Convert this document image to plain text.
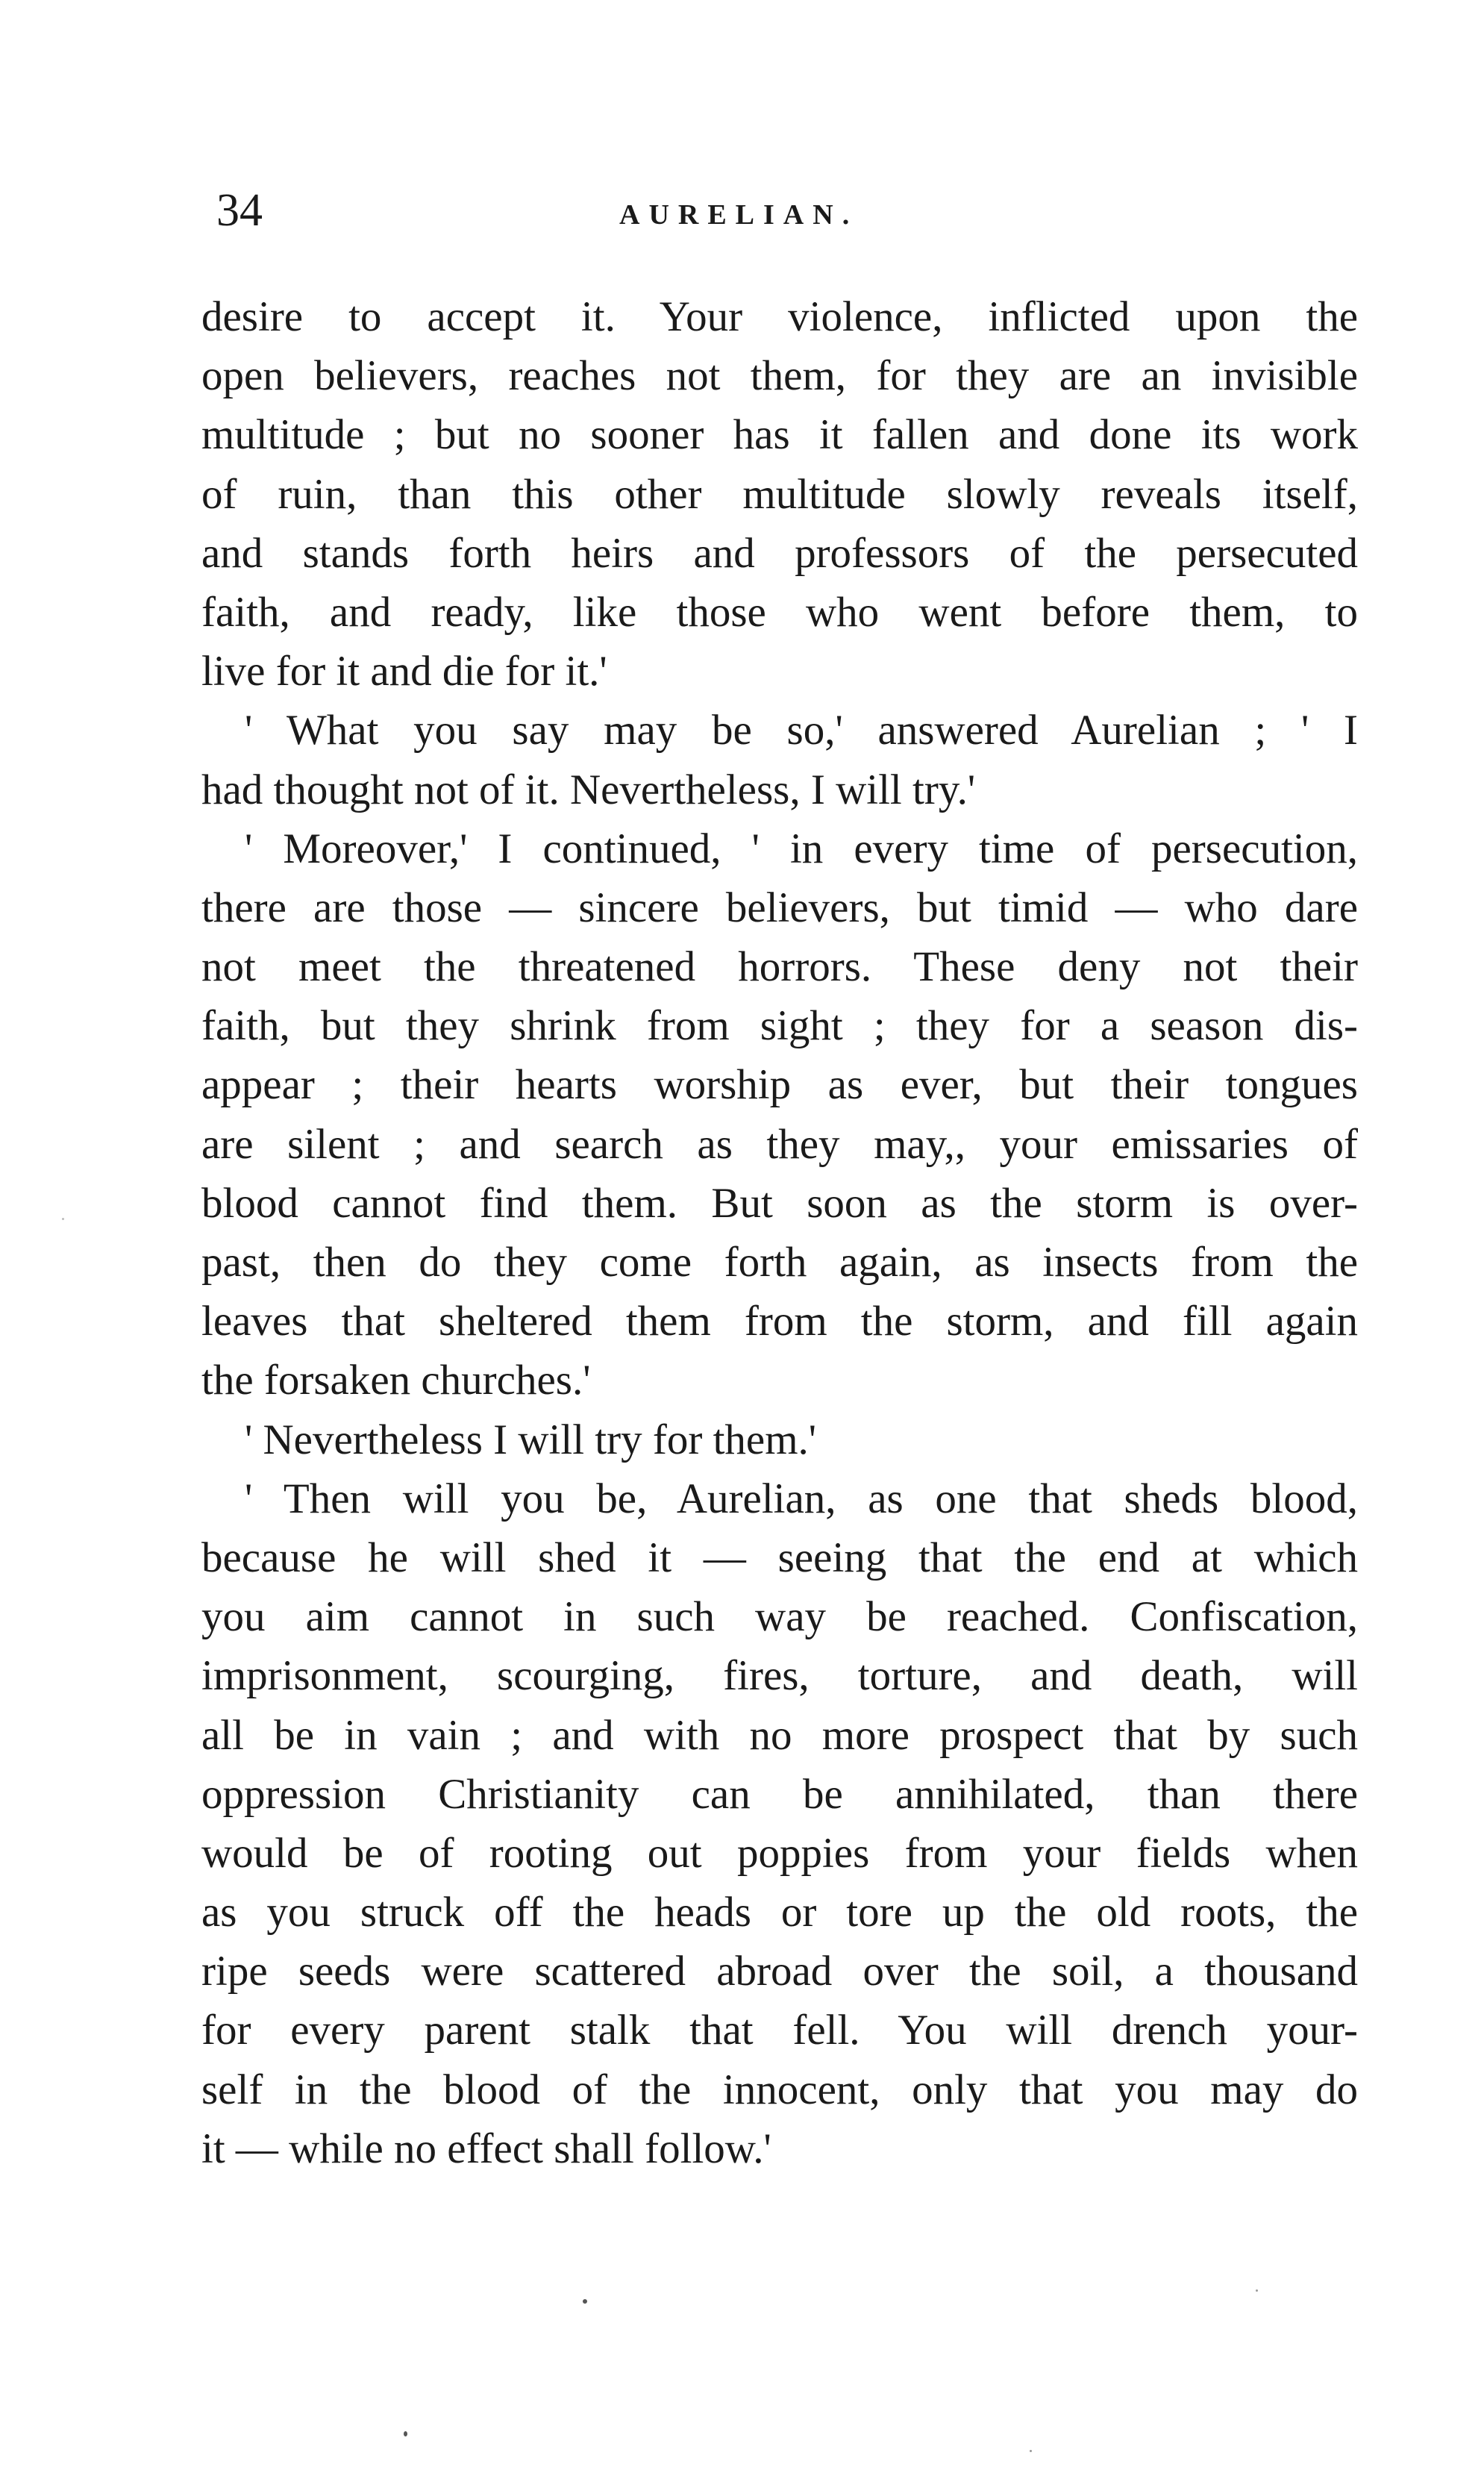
34	AURELIAN.
desire to accept it. Your violence, inflicted upon the
open believers, reaches not them, for they are an invisible
multitude ; but no sooner has it fallen and done its work
of ruin, than this other multitude slowly reveals itself,
and stands forth heirs and professors of the persecuted
faith, and ready, like those who went before them, to
live for it and die for it.'
' What you say may be so,' answered Aurelian ; ' I
had thought not of it. Nevertheless, I will try.'
' Moreover,' I continued, ' in every time of persecution,
there are those — sincere believers, but timid — who dare
not meet the threatened horrors. These deny not their
faith, but they shrink from sight ; they for a season dis-
appear ; their hearts worship as ever, but their tongues
are silent ; and search as they may,, your emissaries of
blood cannot find them. But soon as the storm is over-
past, then do they come forth again, as insects from the
leaves that sheltered them from the storm, and fill again
the forsaken churches.'
' Nevertheless I will try for them.'
' Then will you be, Aurelian, as one that sheds blood,
because he will shed it — seeing that the end at which
you aim cannot in such way be reached. Confiscation,
imprisonment, scourging, fires, torture, and death, will
all be in vain ; and with no more prospect that by such
oppression Christianity can be annihilated, than there
would be of rooting out poppies from your fields when
as you struck off the heads or tore up the old roots, the
ripe seeds were scattered abroad over the soil, a thousand
for every parent stalk that fell. You will drench your-
self in the blood of the innocent, only that you may do
it — while no effect shall follow.'
